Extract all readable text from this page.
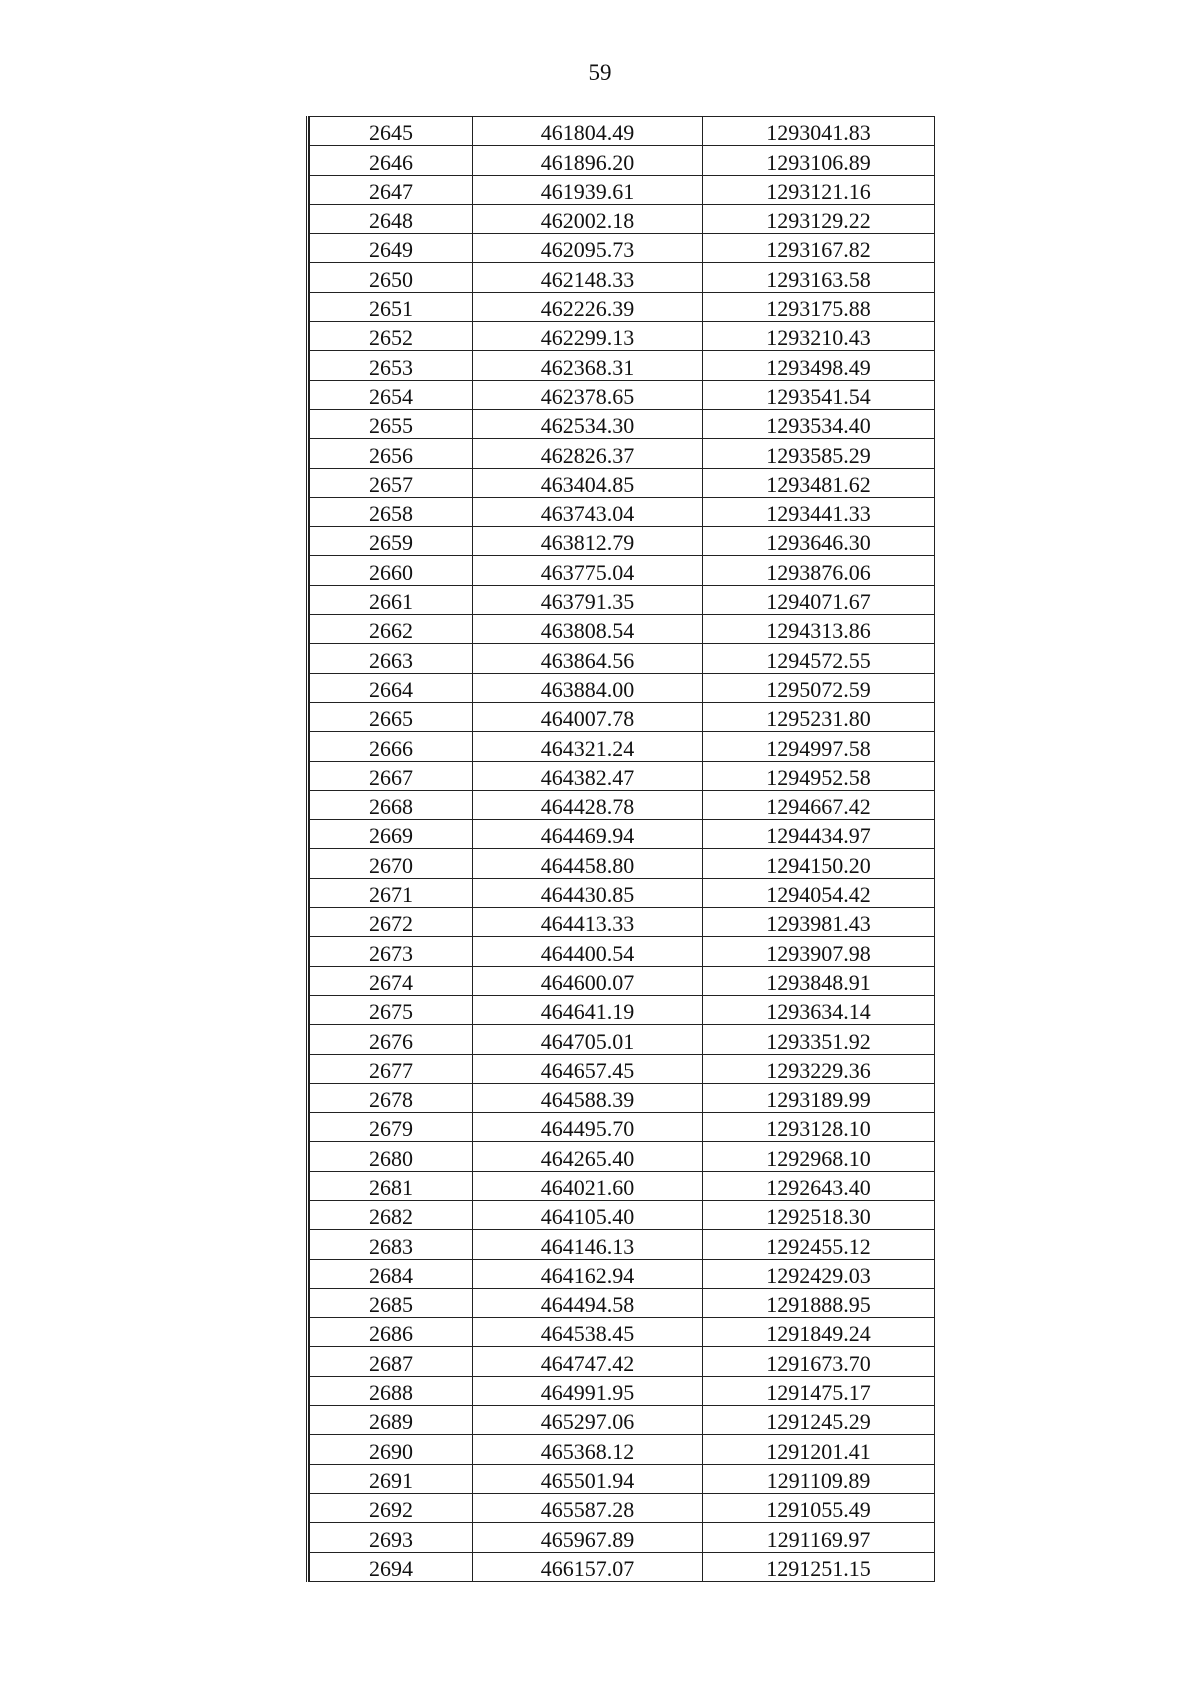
59
2645	461804.49	1293041.83
2646	461896.20	1293106.89
2647	461939.61	1293121.16
2648	462002.18	1293129.22
2649	462095.73	1293167.82
2650	462148.33	1293163.58
2651	462226.39	1293175.88
2652	462299.13	1293210.43
2653	462368.31	1293498.49
2654	462378.65	1293541.54
2655	462534.30	1293534.40
2656	462826.37	1293585.29
2657	463404.85	1293481.62
2658	463743.04	1293441.33
2659	463812.79	1293646.30
2660	463775.04	1293876.06
2661	463791.35	1294071.67
2662	463808.54	1294313.86
2663	463864.56	1294572.55
2664	463884.00	1295072.59
2665	464007.78	1295231.80
2666	464321.24	1294997.58
2667	464382.47	1294952.58
2668	464428.78	1294667.42
2669	464469.94	1294434.97
2670	464458.80	1294150.20
2671	464430.85	1294054.42
2672	464413.33	1293981.43
2673	464400.54	1293907.98
2674	464600.07	1293848.91
2675	464641.19	1293634.14
2676	464705.01	1293351.92
2677	464657.45	1293229.36
2678	464588.39	1293189.99
2679	464495.70	1293128.10
2680	464265.40	1292968.10
2681	464021.60	1292643.40
2682	464105.40	1292518.30
2683	464146.13	1292455.12
2684	464162.94	1292429.03
2685	464494.58	1291888.95
2686	464538.45	1291849.24
2687	464747.42	1291673.70
2688	464991.95	1291475.17
2689	465297.06	1291245.29
2690	465368.12	1291201.41
2691	465501.94	1291109.89
2692	465587.28	1291055.49
2693	465967.89	1291169.97
2694	466157.07	1291251.15
